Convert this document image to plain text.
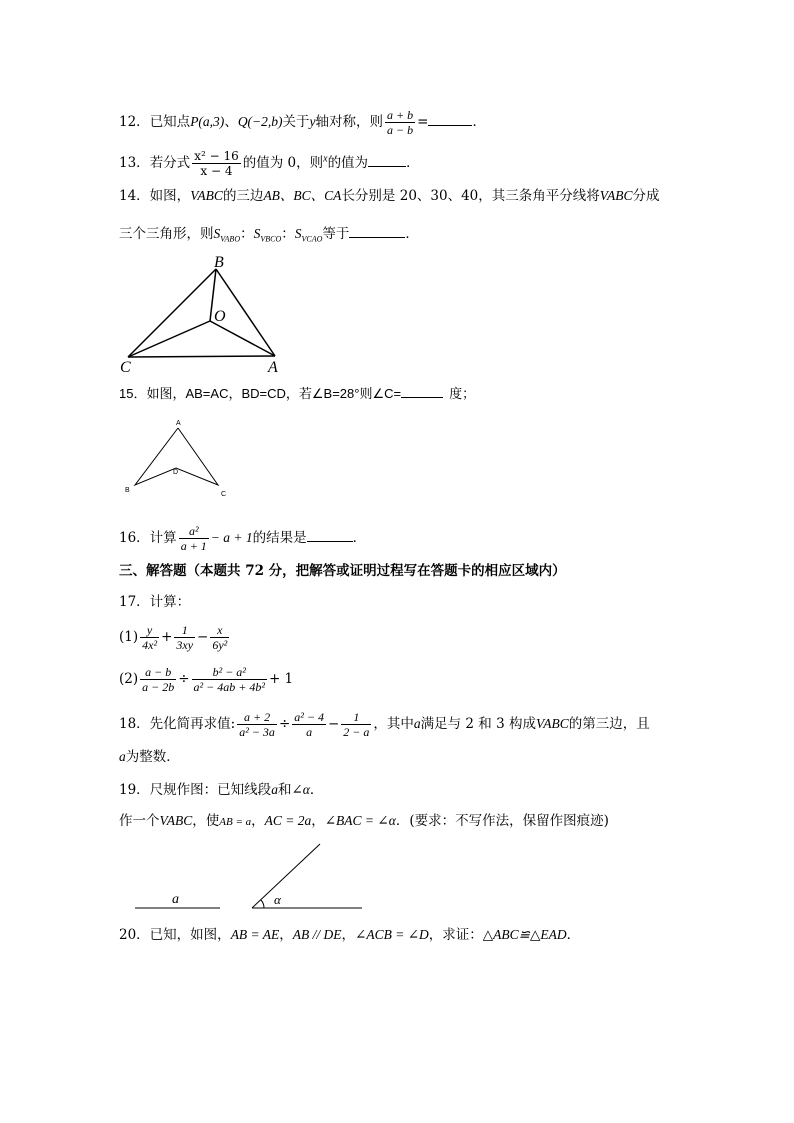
12．已知点P(a,3)、Q(−2,b)关于y轴对称，则 $\frac{a + b}{a - b}$ =	．
13．若分式 $\frac{\text{x² − 16}}{x - 4}$ 的值为 0，则$^x$的值为	．
14．如图，VABC的三边AB、BC、CA长分别是 20、30、40，其三条角平分线将VABC分成
三个三角形，则$S_{VABO}$：$S_{VBCO}$：$S_{VCAO}$等于	．
B
O
C	A
15．如图，AB=AC，BD=CD，若∠B=28°则∠C=	度；
A
D
B
C
16．计算 $\frac{\text{a²}}{a + 1} - a + 1$的结果是	．
三、解答题（本题共 72 分，把解答或证明过程写在答题卡的相应区域内）
17．计算：
$(1) \frac{y}{\text{4x²}} + \frac{1}{3xy} - \frac{x}{\text{6y²}}$
$(2) \frac{a - b}{a - 2b} \div \frac{\text{b² − a²}}{\text{a² − 4ab + 4b²}} + 1$
18．先化简再求值: $\frac{a + 2}{\text{a² − 3a}} \div \frac{\text{a² − 4}}{a} - \frac{1}{2 - a}$ ，其中a满足与 2 和 3 构成VABC的第三边，且
a为整数．
19．尺规作图：已知线段a和∠α．
作一个VABC，使AB = a，AC = 2a，∠BAC = ∠α．(要求：不写作法，保留作图痕迹)
a	α
20．已知，如图，AB = AE，AB // DE，∠ACB = ∠D，求证：△ABC≌△EAD．
